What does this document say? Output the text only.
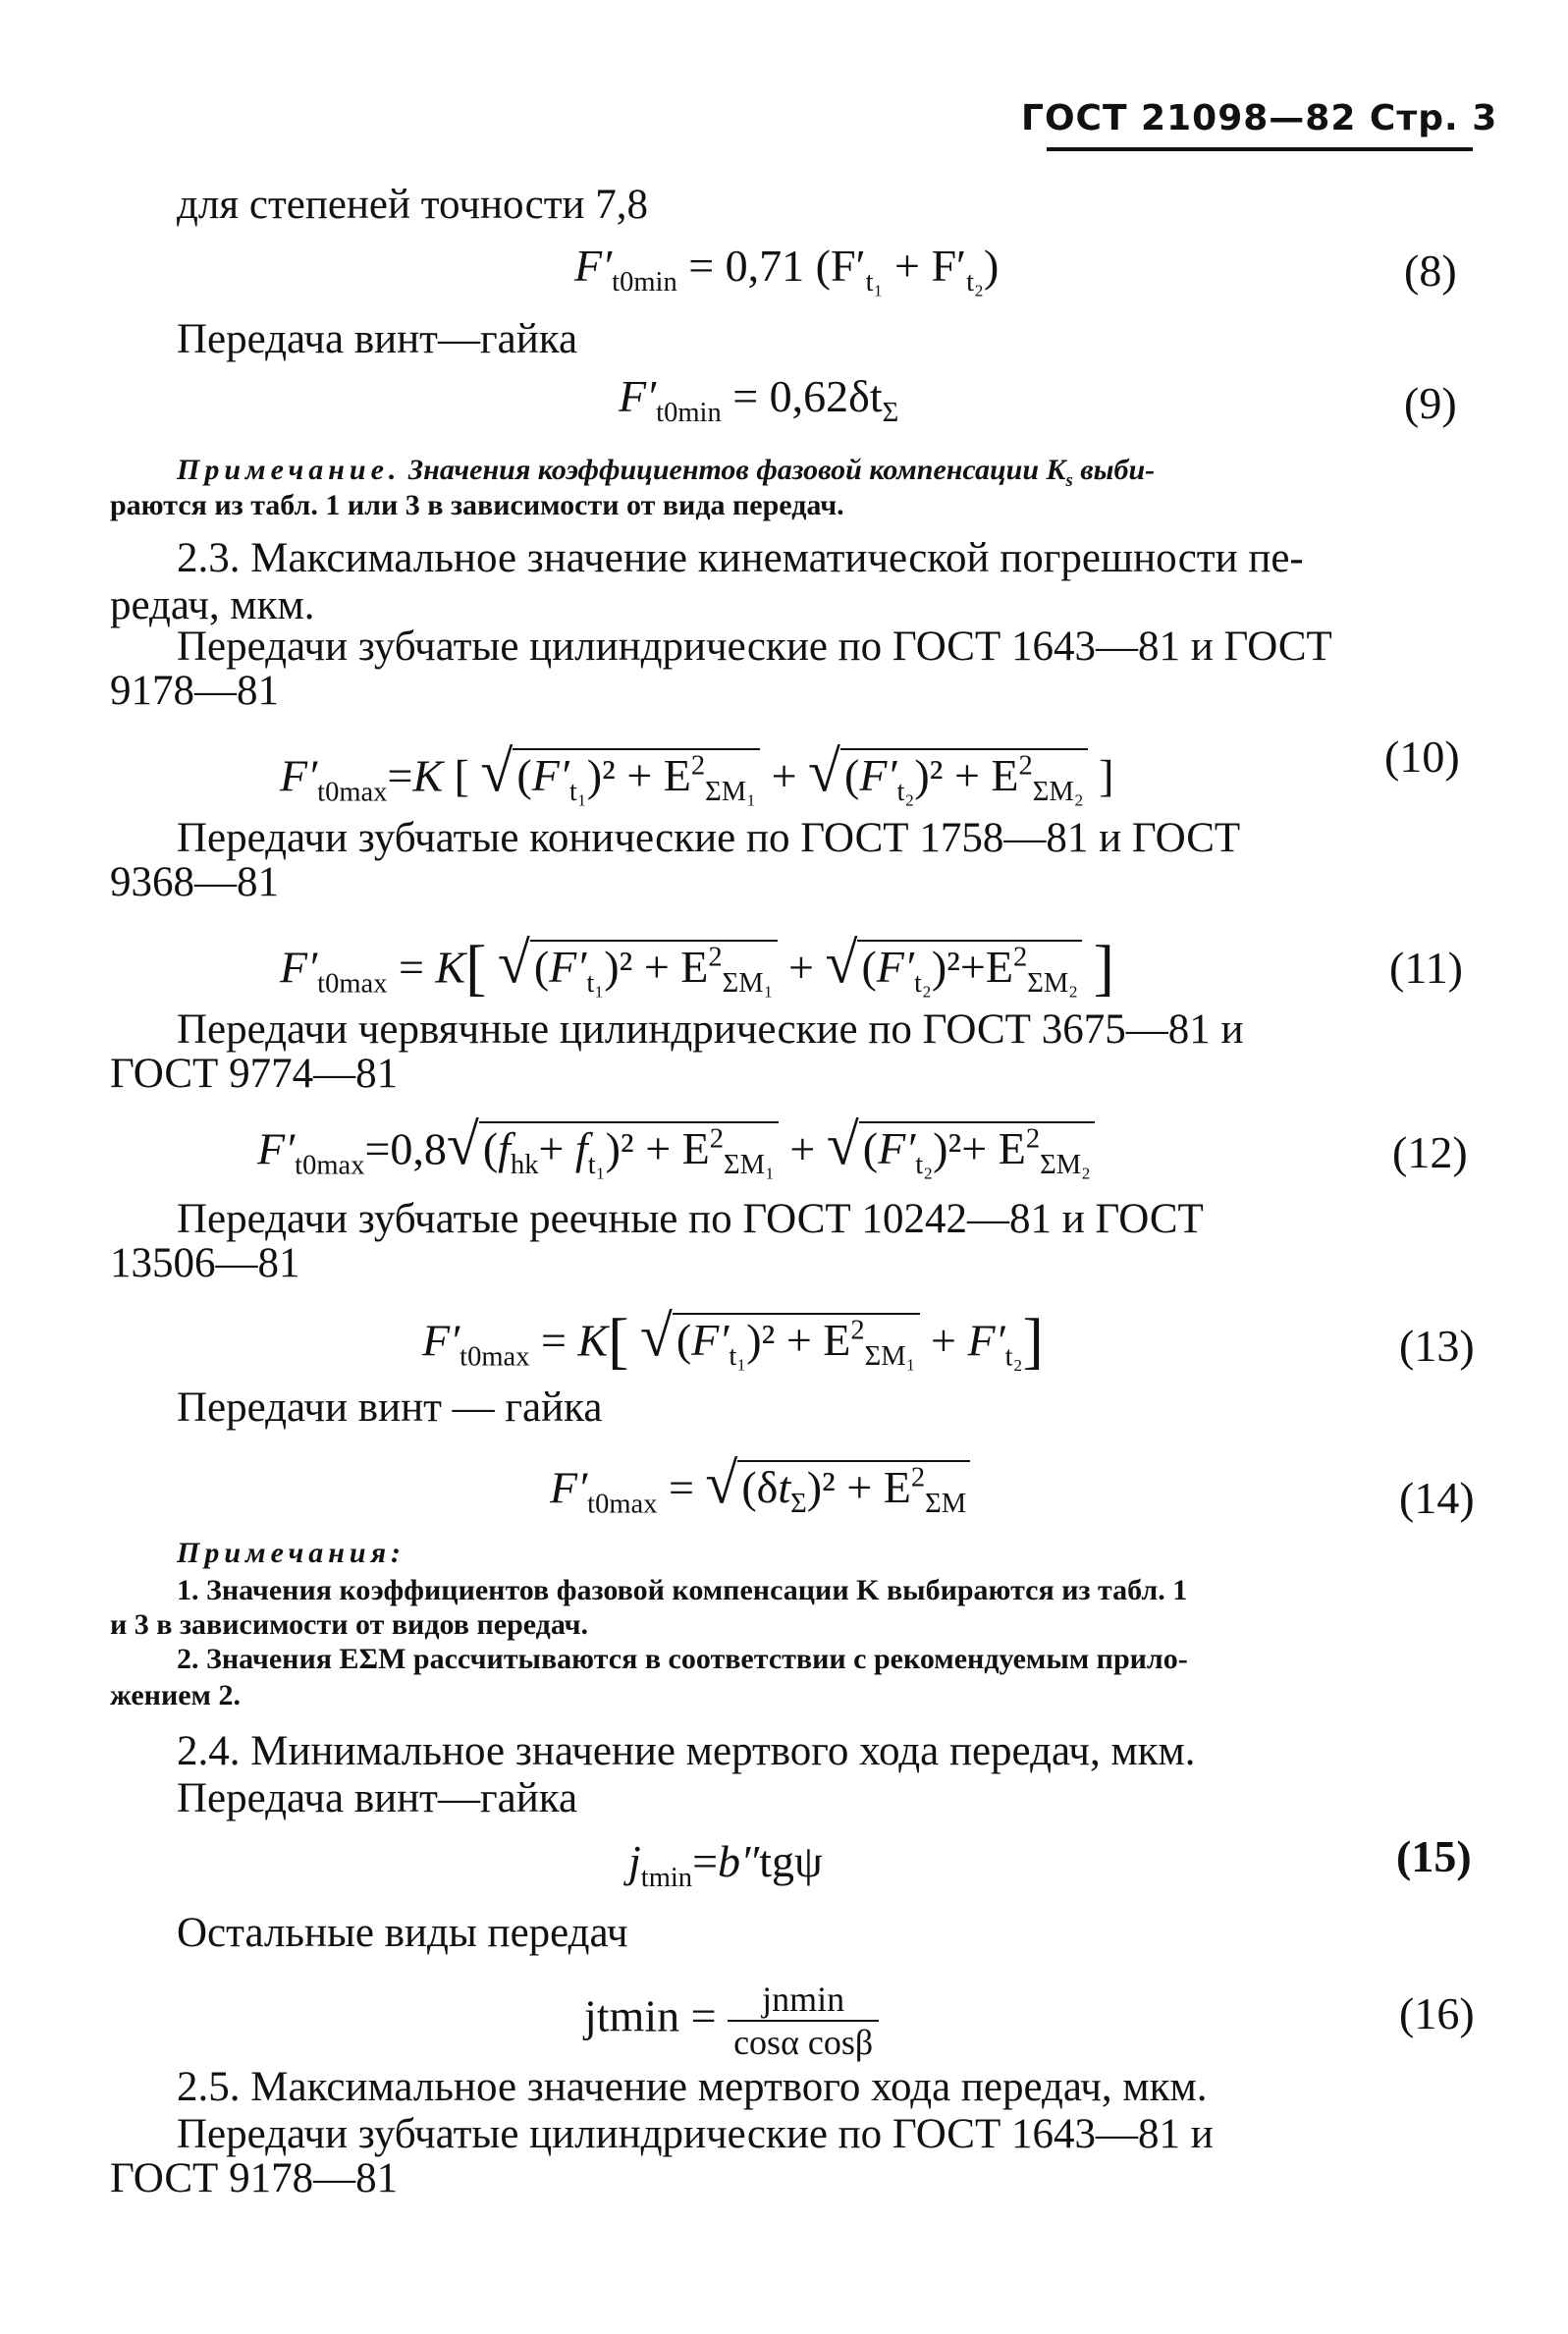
ГОСТ 21098—82 Стр. 3
для степеней точности 7,8
$F'_{t0min} = 0,71$ $(F'_{t_1} + F'_{t_2})$	(8)
Передача винт—гайка
$F'_{t0min} = 0,62\delta t_\Sigma$	(9)
Примечание. Значения коэффициентов фазовой компенсации $K_s$ выби-
раются из табл. 1 или 3 в зависимости от вида передач.
2.3. Максимальное значение кинематической погрешности пе-
редач, мкм.
Передачи зубчатые цилиндрические по ГОСТ 1643—81 и ГОСТ
9178—81
$F'_{t0max}=K$ [ $√(F'_{t_1})^2 + E^2_{\Sigma M_1} + √(F'_{t_2})^2 + E^2_{\Sigma M_2}$ ]	(10)
Передачи зубчатые конические по ГОСТ 1758—81 и ГОСТ
9368—81
$F'_{t0max} = K$[ $√(F'_{t_1})^2 + E^2_{\Sigma M_1} + √(F'_{t_2})^2+E^2_{\Sigma M_2}$ ]	(11)
Передачи червячные цилиндрические по ГОСТ 3675—81 и
ГОСТ 9774—81
$F'_{t0max}=0,8√(f_{hk}+ f_{t_1})^2 + E^2_{\Sigma M_1} + √(F'_{t_2})^2+ E^2_{\Sigma M_2}$	(12)
Передачи зубчатые реечные по ГОСТ 10242—81 и ГОСТ
13506—81
$F'_{t0max} = K$[ $√(F'_{t_1})^2 + E^2_{\Sigma M_1} + F'_{t_2}$]	(13)
Передачи винт — гайка
$F'_{t0max} = √(\delta t_\Sigma)^2 + E^2_{\Sigma M}$	(14)
Примечания:
1. Значения коэффициентов фазовой компенсации K выбираются из табл. 1
и 3 в зависимости от видов передач.
2. Значения EΣM рассчитываются в соответствии с рекомендуемым прило-
жением 2.
2.4. Минимальное значение мертвого хода передач, мкм.
Передача винт—гайка
$j_{tmin}=b''tg\psi$	(15)
Остальные виды передач
$jtmin = \frac{jnmin}{\text{cosα cosβ}}$	(16)
2.5. Максимальное значение мертвого хода передач, мкм.
Передачи зубчатые цилиндрические по ГОСТ 1643—81 и
ГОСТ 9178—81
